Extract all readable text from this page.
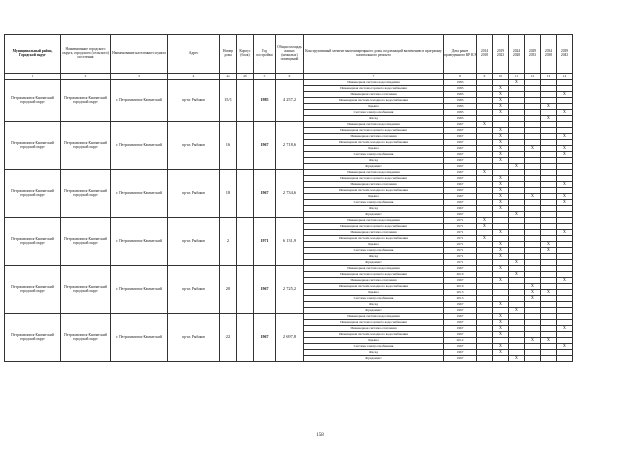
Муниципальный район, Городской округ	Наименование городского округа, городского (сельского) поселения	Наименование населенного пункта	Адрес	Номер дома	Корпус (блок)	Год постройки	Общая площадь жилых (нежилых) помещений	Конструктивный элемент многоквартирного дома, подлежащий включению в программу капитального ремонта	Дата ранее проведенного КР КЭ	2014 2018	2019 2023	2024 2028	2029 2033	2034 2038	2039 2043
1	2	3	4	4a	4б	5	6	7	8	9	10	11	12	13	14
Петропавловск-Камчатский городской округ	Петропавловск-Камчатский городской округ	г. Петропавловск-Камчатский	пр-кт. Рыбаков	15/1		1985	4 257,2	Инженерная система водоотведения	1985			X			
								Инженерная система горячего водоснабжения	1985		X				
								Инженерная система отопления	1985		X				X
								Инженерная система холодного водоснабжения	1985		X				
								Крыша	1985		X			X	
								Система электроснабжения	1985		X				X
								Фасад	1985					X	
Петропавловск-Камчатский городской округ	Петропавловск-Камчатский городской округ	г. Петропавловск-Камчатский	пр-кт. Рыбаков	16		1967	2 718,6	Инженерная система водоотведения	1967	X					
								Инженерная система горячего водоснабжения	1967		X				
								Инженерная система отопления	1967		X				X
								Инженерная система холодного водоснабжения	1967		X				
								Крыша	1967		X		X		X
								Система электроснабжения	1967		X				X
								Фасад	1967		X				
								Фундамент	1967			X			
Петропавловск-Камчатский городской округ	Петропавловск-Камчатский городской округ	г. Петропавловск-Камчатский	пр-кт. Рыбаков	18		1967	2 734,6	Инженерная система водоотведения	1967	X					
								Инженерная система горячего водоснабжения	1967		X				
								Инженерная система отопления	1967		X				X
								Инженерная система холодного водоснабжения	1967		X				
								Крыша	1967		X		X		X
								Система электроснабжения	1967		X				X
								Фасад	1967		X				
								Фундамент	1967			X			
Петропавловск-Камчатский городской округ	Петропавловск-Камчатский городской округ	г. Петропавловск-Камчатский	пр-кт. Рыбаков	2		1971	6 131,9	Инженерная система водоотведения	1971	X					
								Инженерная система горячего водоснабжения	1971	X					
								Инженерная система отопления	1971		X				X
								Инженерная система холодного водоснабжения	1971	X					
								Крыша	1971		X			X	
								Система электроснабжения	1971		X			X	
								Фасад	1971		X				
								Фундамент	1971			X			
Петропавловск-Камчатский городской округ	Петропавловск-Камчатский городской округ	г. Петропавловск-Камчатский	пр-кт. Рыбаков	20		1967	2 725,2	Инженерная система водоотведения	1967		X				
								Инженерная система горячего водоснабжения	2010			X			
								Инженерная система отопления	1967		X				X
								Инженерная система холодного водоснабжения	2010				X		
								Крыша	2013				X	X	
								Система электроснабжения	2013				X		
								Фасад	1967		X				
								Фундамент	1967			X			
Петропавловск-Камчатский городской округ	Петропавловск-Камчатский городской округ	г. Петропавловск-Камчатский	пр-кт. Рыбаков	22		1967	2 697,8	Инженерная система водоотведения	1967		X				
								Инженерная система горячего водоснабжения	1967		X				
								Инженерная система отопления	1967		X				X
								Инженерная система холодного водоснабжения	1967		X				
								Крыша	2012				X	X	
								Система электроснабжения	1967		X				X
								Фасад	1967		X				
								Фундамент	1967			X			
158
